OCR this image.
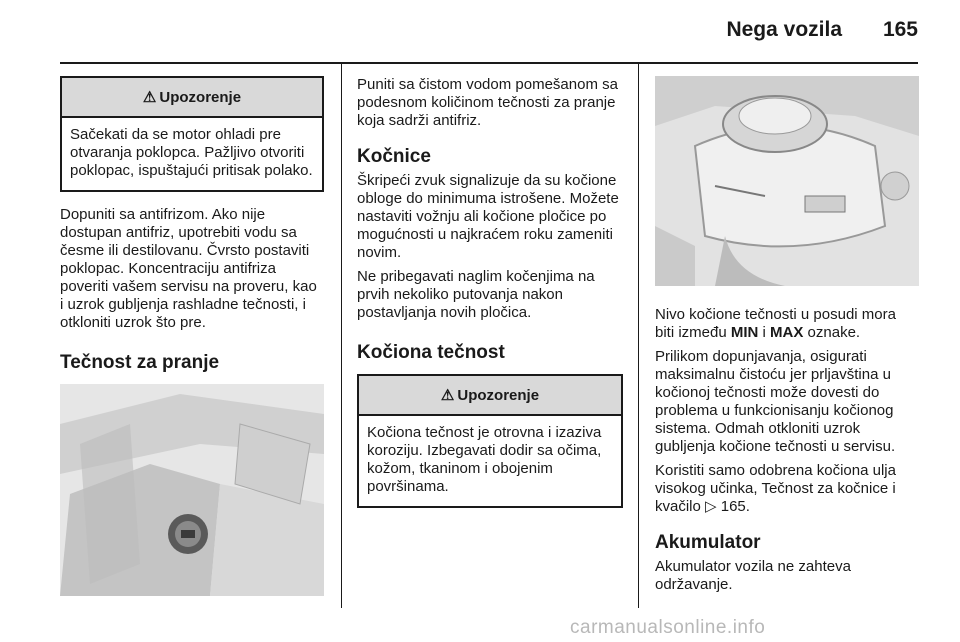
Nega vozila 165
⚠ Upozorenje
Sačekati da se motor ohladi pre otvaranja poklopca. Pažljivo otvoriti poklopac, ispuštajući pritisak polako.

Dopuniti sa antifrizom. Ako nije dostupan antifriz, upotrebiti vodu sa česme ili destilovanu. Čvrsto postaviti poklopac. Koncentraciju antifriza poveriti vašem servisu na proveru, kao i uzrok gubljenja rashladne tečnosti, i otkloniti uzrok što pre.

Tečnost za pranje

Puniti sa čistom vodom pomešanom sa podesnom količinom tečnosti za pranje koja sadrži antifriz.

Kočnice

Škripeći zvuk signalizuje da su kočione obloge do minimuma istrošene. Možete nastaviti vožnju ali kočione pločice po mogućnosti u najkraćem roku zameniti novim.

Ne pribegavati naglim kočenjima na prvih nekoliko putovanja nakon postavljanja novih pločica.

Kočiona tečnost
⚠ Upozorenje
Kočiona tečnost je otrovna i izaziva koroziju. Izbegavati dodir sa očima, kožom, tkaninom i obojenim površinama.

Nivo kočione tečnosti u posudi mora biti između MIN i MAX oznake.

Prilikom dopunjavanja, osigurati maksimalnu čistoću jer prljavština u kočionoj tečnosti može dovesti do problema u funkcionisanju kočionog sistema. Odmah otkloniti uzrok gubljenja kočione tečnosti u servisu.

Koristiti samo odobrena kočiona ulja visokog učinka, Tečnost za kočnice i kvačilo ▷ 165.

Akumulator

Akumulator vozila ne zahteva održavanje.

carmanualsonline.info
